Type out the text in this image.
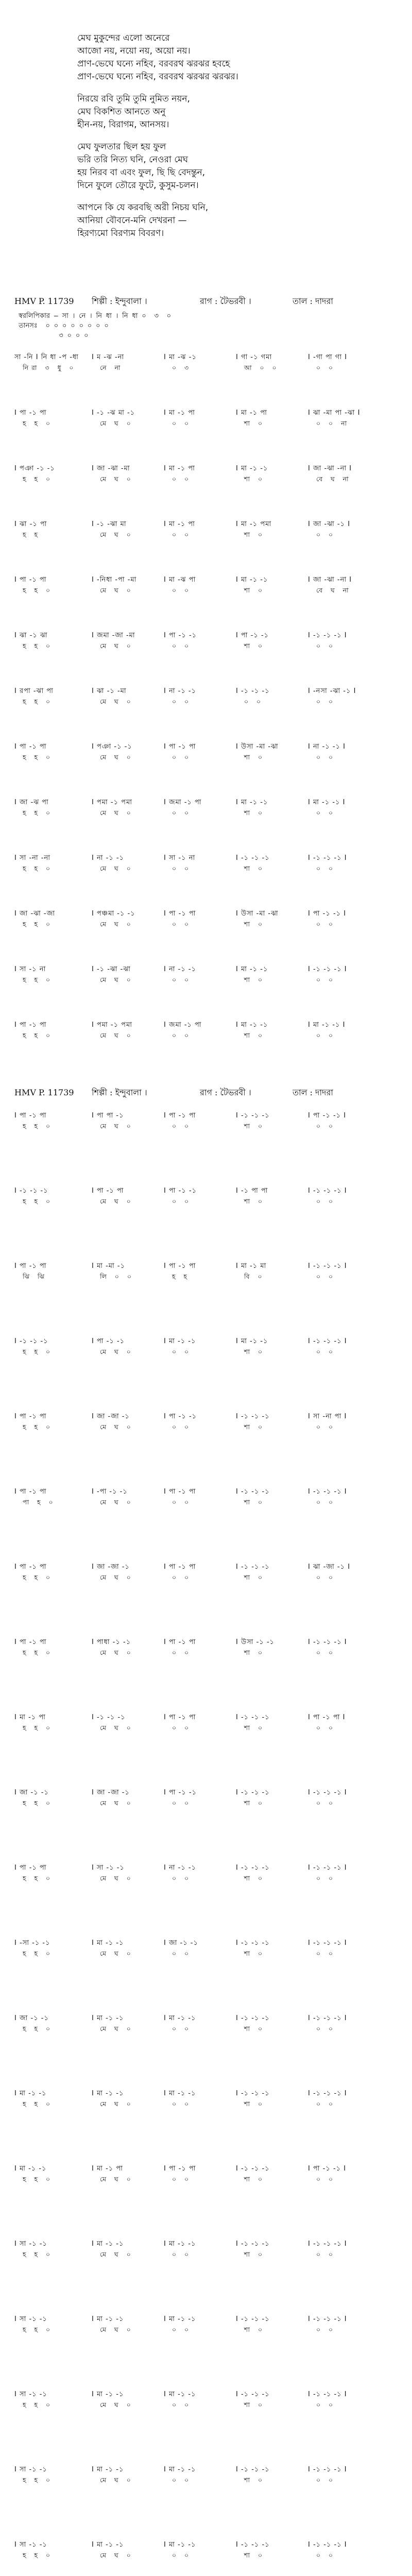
মেঘ মুকুন্দের এলো অনেরে
আজো নয়, নয়ো নয়, অয়ো নয়।
প্রাণ-ভেঘে ঘন্যে নহিব, বরবরথ ঝরঝর হবহে
প্রাণ-ভেঘে ঘন্যে নহিব, বরবরথ ঝরঝর ঝরঝর।
নিরয়ে রবি তুমি তুমি নুমিত নয়ন,
মেঘ বিকশিত আনতে অনু
হীন-নয়, বিরাগম, আনসয়।
মেঘ ফুলতার ছিল হয় ফুল
ভরি তরি নিত্য ঘনি, নেওরা মেঘ
হয় নিরব বা এবং ফুল, ছি ছি বেদন্তুন,
দিনে ফুলে তৌরে ফুটে, কুসুম-চলন।
আপনে কি যে করবছি অরী নিচয় ঘনি,
আনিয়া বৌবনে-মনি দেখরনা —
হিরণ্যমো বিরণ্যম বিবরণ।
HMV P. 11739	শিল্পী : ইন্দুবালা ।	রাগ : টৈভরবী ।	তাল : দাদরা
স্বরলিপিকার — সা । নে । নি ধা । নি ধা ০  ৩  ০
তানসঃ  ০ ০ ০ ০ ০ ০ ০ ০
৩ ০ ০ ০
সা -নি I নি ধা -প -ধা I ম -ঝ -না	I মা -ঝ -১	I গা -১ গমা	I -গা পা গা I
নি রা   ৩   ধু   ০	নে   না	০   ৩	আ   ০   ০	০   ০
I পা -১ পা	I -১ -ঝ মা -১	I মা -১ পা	I মা -১ পা	I ঝা -মা পা -ঝা I
হ   হ   ০	মে   ঘ   ০	০   ০	শা   ০	০   ০   না
I পঞা -১ -১	I জা -ঝা -মা	I মা -১ পা	I মা -১ -১	I জা -ঝা -না I
হ   হ   ০	মে   ঘ   ০	০   ০	শা   ০	বে   ঘ   না
I ঝা -১ পা	I -১ -ঝা মা	I মা -১ পা	I মা -১ পমা	I জা -ঝা -১ I
হ   হ	মে   ঘ   ০	০   ০	শা   ০	০   ০
I পা -১ পা	I -নিধা -পা -মা	I মা -ঝ পা	I মা -১ -১	I জা -ঝা -না I
হ   হ   ০	মে   ঘ   ০	০   ০	শা   ০	বে   ঘ   না
I ঝা -১ ঝা	I জমা -জা -মা	I পা -১ -১	I পা -১ -১	I -১ -১ -১ I
হ   হ   ০	মে   ঘ   ০	০   ০	শা   ০	০   ০
I রপা -ঝা পা	I ঝা -১ -মা	I না -১ -১	I -১ -১ -১	I -নসা -ঝা -১ I
হ   হ   ০	মে   ঘ   ০	০   ০	০   ০	০   ০
I পা -১ পা	I পঞা -১ -১	I পা -১ পা	I উসা -মা -ঝা	I না -১ -১ I
হ   হ   ০	মে   ঘ   ০	০   ০	শা   ০	০   ০
I জা -ঝ পা	I পমা -১ পমা	I জমা -১ পা	I মা -১ -১	I মা -১ -১ I
হ   হ   ০	মে   ঘ   ০	০   ০	শা   ০	০   ০
I সা -না -না	I না -১ -১	I সা -১ না	I -১ -১ -১	I -১ -১ -১ I
হ   হ   ০	মে   ঘ   ০	০   ০	শা   ০	০   ০
I জা -ঝা -জা	I পঞ্চমা -১ -১	I পা -১ পা	I উসা -মা -ঝা	I পা -১ -১ I
হ   হ   ০	মে   ঘ   ০	০   ০	শা   ০	০   ০
I সা -১ না	I -১ -ঝা -ঝা	I না -১ -১	I মা -১ -১	I -১ -১ -১ I
হ   হ   ০	মে   ঘ   ০	০   ০	শা   ০	০   ০
I পা -১ পা	I পমা -১ পমা	I জমা -১ পা	I মা -১ -১	I মা -১ -১ I
হ   হ   ০	মে   ঘ   ০	০   ০	শা   ০	০   ০
HMV P. 11739	শিল্পী : ইন্দুবালা ।	রাগ : টৈভরবী ।	তাল : দাদরা
I পা -১ পা	I পা পা -১	I পা -১ পা	I -১ -১ -১	I পা -১ -১ I
হ   হ   ০	মে   ঘ   ০	০   ০	শা   ০	০   ০
I -১ -১ -১	I পা -১ পা	I পা -১ -১	I -১ পা পা	I -১ -১ -১ I
হ   হ   ০	মে   ঘ   ০	০   ০	শা   ০	০   ০
I পা -১ পা	I মা -মা -১	I পা -১ পা	I মা -১ মা	I -১ -১ -১ I
ঝি   ঝি	লি   ০   ০	হ   হ	বি   ০	০   ০
I -১ -১ -১	I পা -১ -১	I মা -১ -১	I মা -১ -১	I -১ -১ -১ I
হ   হ   ০	মে   ঘ   ০	০   ০	শা   ০	০   ০
I পা -১ পা	I জা -জা -১	I পা -১ -১	I -১ -১ -১	I সা -না পা I
হ   হ   ০	মে   ঘ   ০	০   ০	শা   ০	০   ০
I পা -১ পা	I -পা -১ -১	I পা -১ পা	I -১ -১ -১	I -১ -১ -১ I
পা   হ   ০	মে   ঘ   ০	০   ০	শা   ০	০   ০
I পা -১ পা	I জা -জা -১	I পা -১ পা	I -১ -১ -১	I ঝা -জা -১ I
হ   হ   ০	মে   ঘ   ০	০   ০	শা   ০	০   ০
I পা -১ পা	I পাধা -১ -১	I পা -১ পা	I উসা -১ -১	I -১ -১ -১ I
হ   হ   ০	মে   ঘ   ০	০   ০	শা   ০	০   ০
I মা -১ পা	I -১ -১ -১	I পা -১ পা	I -১ -১ -১	I পা -১ পা I
হ   হ   ০	মে   ঘ   ০	০   ০	শা   ০	০   ০
I জা -১ -১	I জা -জা -১	I পা -১ -১	I -১ -১ -১	I -১ -১ -১ I
হ   হ   ০	মে   ঘ   ০	০   ০	শা   ০	০   ০
I পা -১ পা	I সা -১ -১	I না -১ -১	I -১ -১ -১	I -১ -১ -১ I
হ   হ   ০	মে   ঘ   ০	০   ০	শা   ০	০   ০
I -সা -১ -১	I মা -১ -১	I জা -১ -১	I -১ -১ -১	I -১ -১ -১ I
হ   হ   ০	মে   ঘ   ০	০   ০	শা   ০	০   ০
I জা -১ -১	I মা -১ -১	I মা -১ -১	I -১ -১ -১	I -১ -১ -১ I
হ   হ   ০	মে   ঘ   ০	০   ০	শা   ০	০   ০
I মা -১ -১	I মা -১ -১	I মা -১ -১	I -১ -১ -১	I -১ -১ -১ I
হ   হ   ০	মে   ঘ   ০	০   ০	শা   ০	০   ০
I মা -১ -১	I মা -১ পা	I পা -১ পা	I -১ -১ -১	I পা -১ -১ I
হ   হ   ০	মে   ঘ   ০	০   ০	শা   ০	০   ০
I সা -১ -১	I মা -১ -১	I মা -১ -১	I -১ -১ -১	I -১ -১ -১ I
হ   হ   ০	মে   ঘ   ০	০   ০	শা   ০	০   ০
I সা -১ -১	I মা -১ -১	I মা -১ -১	I -১ -১ -১	I -১ -১ -১ I
হ   হ   ০	মে   ঘ   ০	০   ০	শা   ০	০   ০
I সা -১ -১	I মা -১ -১	I মা -১ -১	I -১ -১ -১	I -১ -১ -১ I
হ   হ   ০	মে   ঘ   ০	০   ০	শা   ০	০   ০
I সা -১ -১	I মা -১ -১	I মা -১ -১	I -১ -১ -১	I -১ -১ -১ I
হ   হ   ০	মে   ঘ   ০	০   ০	শা   ০	০   ০
I সা -১ -১	I মা -১ -১	I মা -১ -১	I -১ -১ -১	I -১ -১ -১ I
হ   হ   ০	মে   ঘ   ০	০   ০	শা   ০	০   ০
